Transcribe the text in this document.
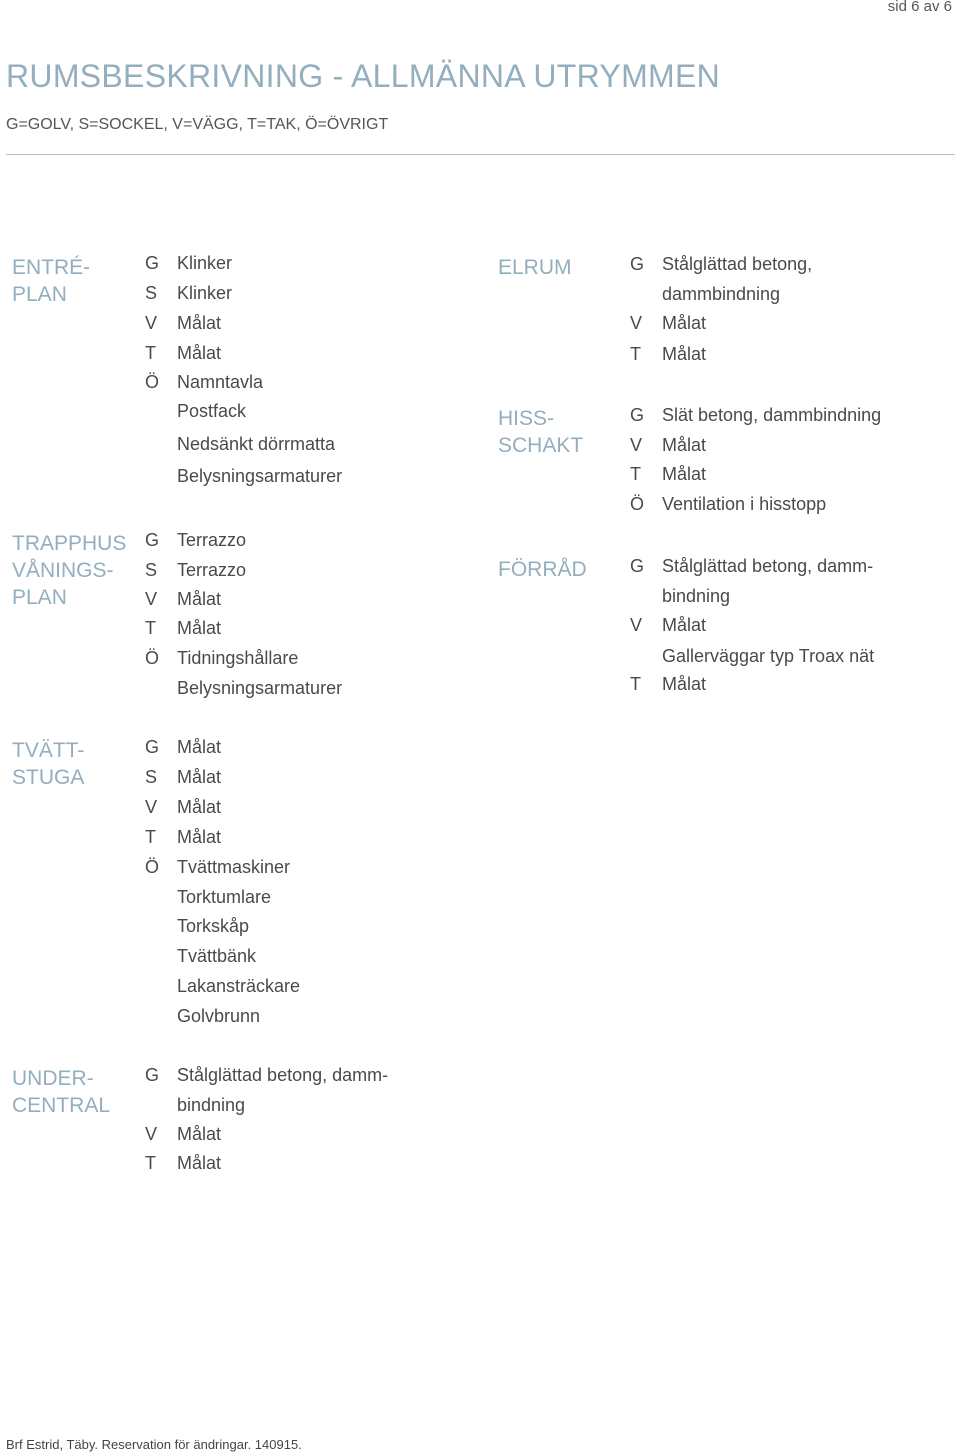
sid 6 av 6
RUMSBESKRIVNING - ALLMÄNNA UTRYMMEN
G=GOLV, S=SOCKEL, V=VÄGG, T=TAK, Ö=ÖVRIGT
ENTRÉ-
PLAN
G Klinker
S	Klinker
V	Målat
T	Målat
Ö Namntavla
Postfack
Nedsänkt dörrmatta
Belysningsarmaturer
TRAPPHUS
VÅNINGS-
PLAN
G Terrazzo
S	Terrazzo
V	Målat
T	Målat
Ö Tidningshållare
Belysningsarmaturer
TVÄTT-
STUGA
G Målat
S	Målat
V	Målat
T	Målat
Ö Tvättmaskiner
Torktumlare
Torkskåp
Tvättbänk
Lakansträckare
Golvbrunn
UNDER-
CENTRAL
G Stålglättad betong, damm-
bindning
V	Målat
T	Målat
ELRUM	G Stålglättad betong,
dammbindning
V	Målat
T	Målat
HISS-
SCHAKT
G Slät betong, dammbindning
V	Målat
T	Målat
Ö Ventilation i hisstopp
FÖRRÅD G Stålglättad betong, damm-
bindning
V	Målat
Gallerväggar typ Troax nät
T	Målat
Brf Estrid, Täby. Reservation för ändringar. 140915.
